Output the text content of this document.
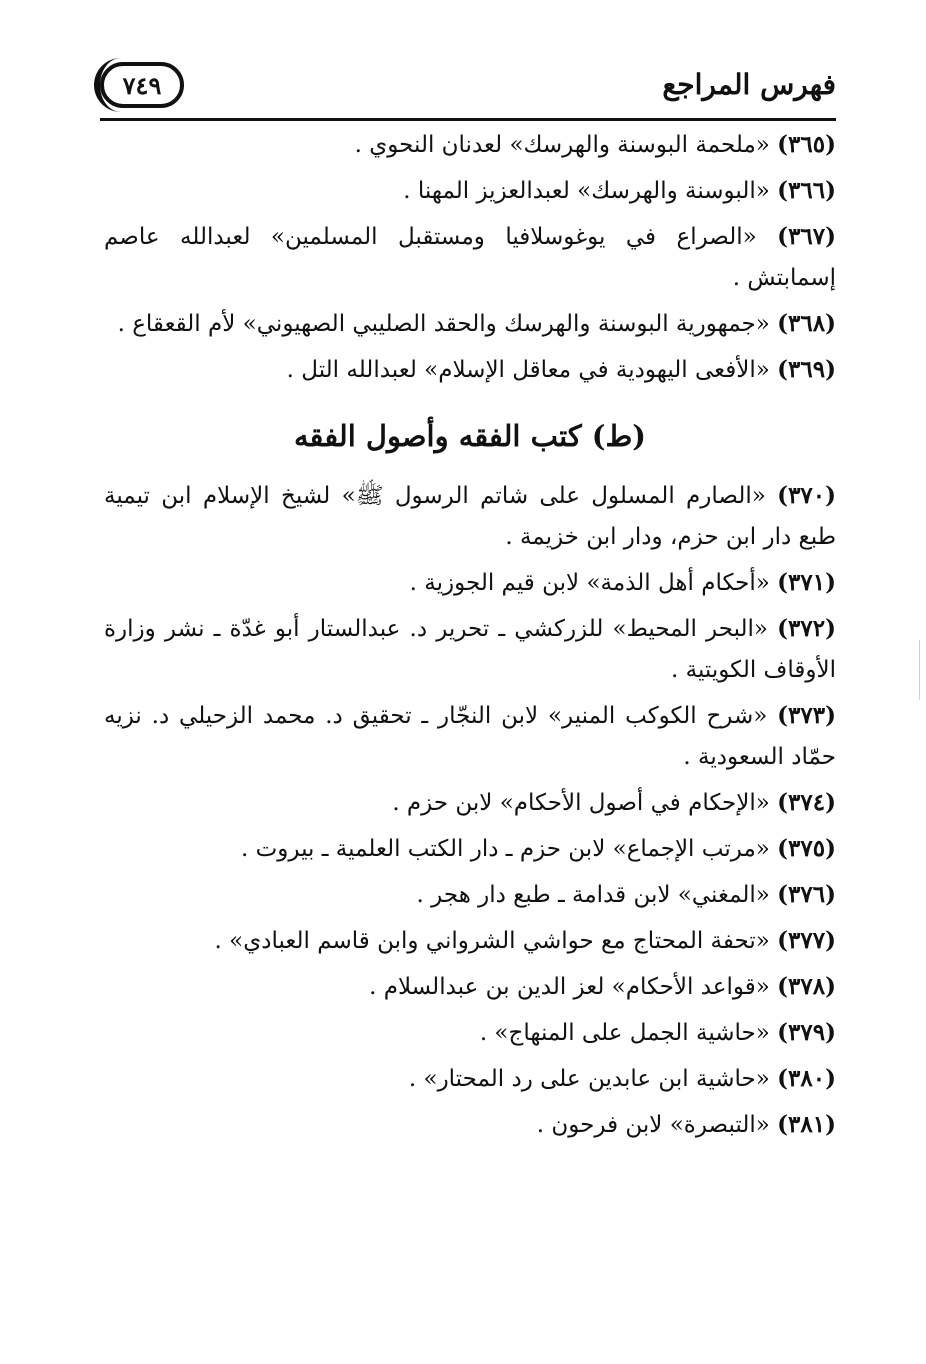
فهرس المراجع
٧٤٩

(٣٦٥) «ملحمة البوسنة والهرسك» لعدنان النحوي .

(٣٦٦) «البوسنة والهرسك» لعبدالعزيز المهنا .

(٣٦٧) «الصراع في يوغوسلافيا ومستقبل المسلمين» لعبدالله عاصم إسمابتش .

(٣٦٨) «جمهورية البوسنة والهرسك والحقد الصليبي الصهيوني» لأم القعقاع .

(٣٦٩) «الأفعى اليهودية في معاقل الإسلام» لعبدالله التل .

(ط) كتب الفقه وأصول الفقه

(٣٧٠) «الصارم المسلول على شاتم الرسول ﷺ» لشيخ الإسلام ابن تيمية طبع دار ابن حزم، ودار ابن خزيمة .

(٣٧١) «أحكام أهل الذمة» لابن قيم الجوزية .

(٣٧٢) «البحر المحيط» للزركشي ـ تحرير د. عبدالستار أبو غدّة ـ نشر وزارة الأوقاف الكويتية .

(٣٧٣) «شرح الكوكب المنير» لابن النجّار ـ تحقيق د. محمد الزحيلي د. نزيه حمّاد السعودية .

(٣٧٤) «الإحكام في أصول الأحكام» لابن حزم .

(٣٧٥) «مرتب الإجماع» لابن حزم ـ دار الكتب العلمية ـ بيروت .

(٣٧٦) «المغني» لابن قدامة ـ طبع دار هجر .

(٣٧٧) «تحفة المحتاج مع حواشي الشرواني وابن قاسم العبادي» .

(٣٧٨) «قواعد الأحكام» لعز الدين بن عبدالسلام .

(٣٧٩) «حاشية الجمل على المنهاج» .

(٣٨٠) «حاشية ابن عابدين على رد المحتار» .

(٣٨١) «التبصرة» لابن فرحون .
